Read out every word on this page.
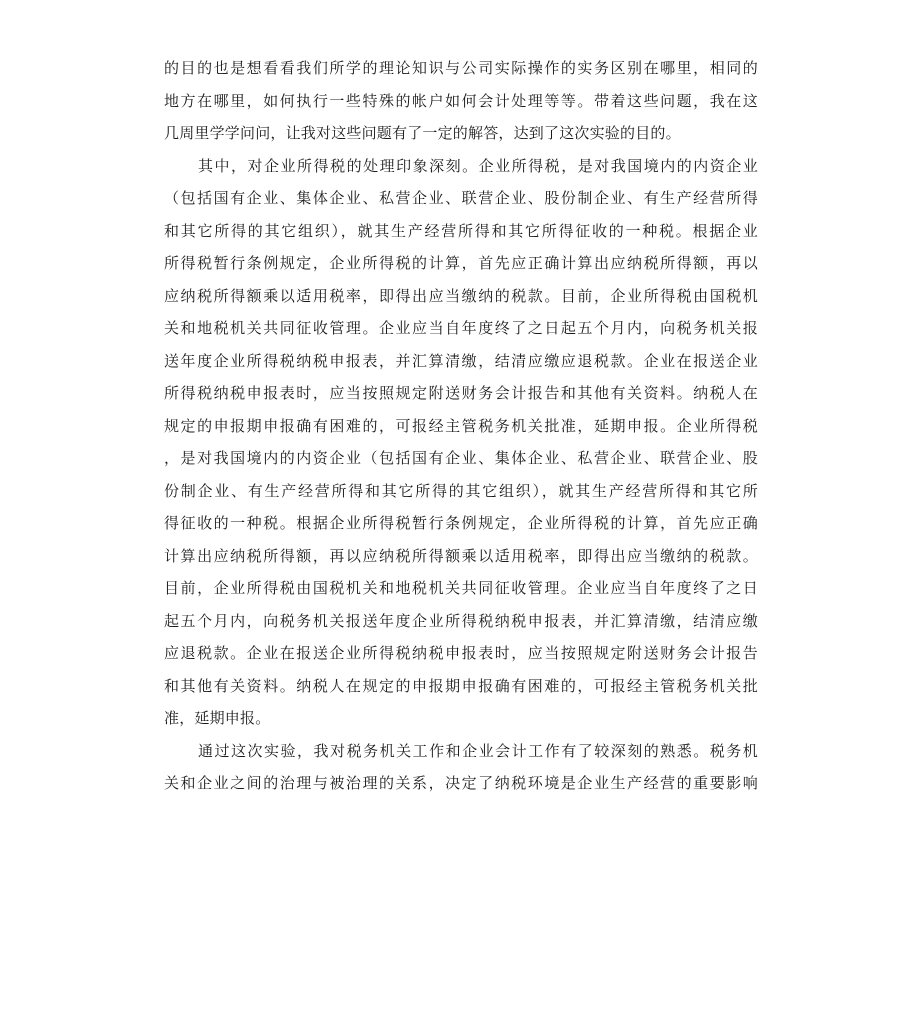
的目的也是想看看我们所学的理论知识与公司实际操作的实务区别在哪里，相同的
地方在哪里，如何执行一些特殊的帐户如何会计处理等等。带着这些问题，我在这
几周里学学问问，让我对这些问题有了一定的解答，达到了这次实验的目的。
其中，对企业所得税的处理印象深刻。企业所得税，是对我国境内的内资企业
（包括国有企业、集体企业、私营企业、联营企业、股份制企业、有生产经营所得
和其它所得的其它组织），就其生产经营所得和其它所得征收的一种税。根据企业
所得税暂行条例规定，企业所得税的计算，首先应正确计算出应纳税所得额，再以
应纳税所得额乘以适用税率，即得出应当缴纳的税款。目前，企业所得税由国税机
关和地税机关共同征收管理。企业应当自年度终了之日起五个月内，向税务机关报
送年度企业所得税纳税申报表，并汇算清缴，结清应缴应退税款。企业在报送企业
所得税纳税申报表时，应当按照规定附送财务会计报告和其他有关资料。纳税人在
规定的申报期申报确有困难的，可报经主管税务机关批准，延期申报。企业所得税
，是对我国境内的内资企业（包括国有企业、集体企业、私营企业、联营企业、股
份制企业、有生产经营所得和其它所得的其它组织），就其生产经营所得和其它所
得征收的一种税。根据企业所得税暂行条例规定，企业所得税的计算，首先应正确
计算出应纳税所得额，再以应纳税所得额乘以适用税率，即得出应当缴纳的税款。
目前，企业所得税由国税机关和地税机关共同征收管理。企业应当自年度终了之日
起五个月内，向税务机关报送年度企业所得税纳税申报表，并汇算清缴，结清应缴
应退税款。企业在报送企业所得税纳税申报表时，应当按照规定附送财务会计报告
和其他有关资料。纳税人在规定的申报期申报确有困难的，可报经主管税务机关批
准，延期申报。
通过这次实验，我对税务机关工作和企业会计工作有了较深刻的熟悉。税务机
关和企业之间的治理与被治理的关系，决定了纳税环境是企业生产经营的重要影响
